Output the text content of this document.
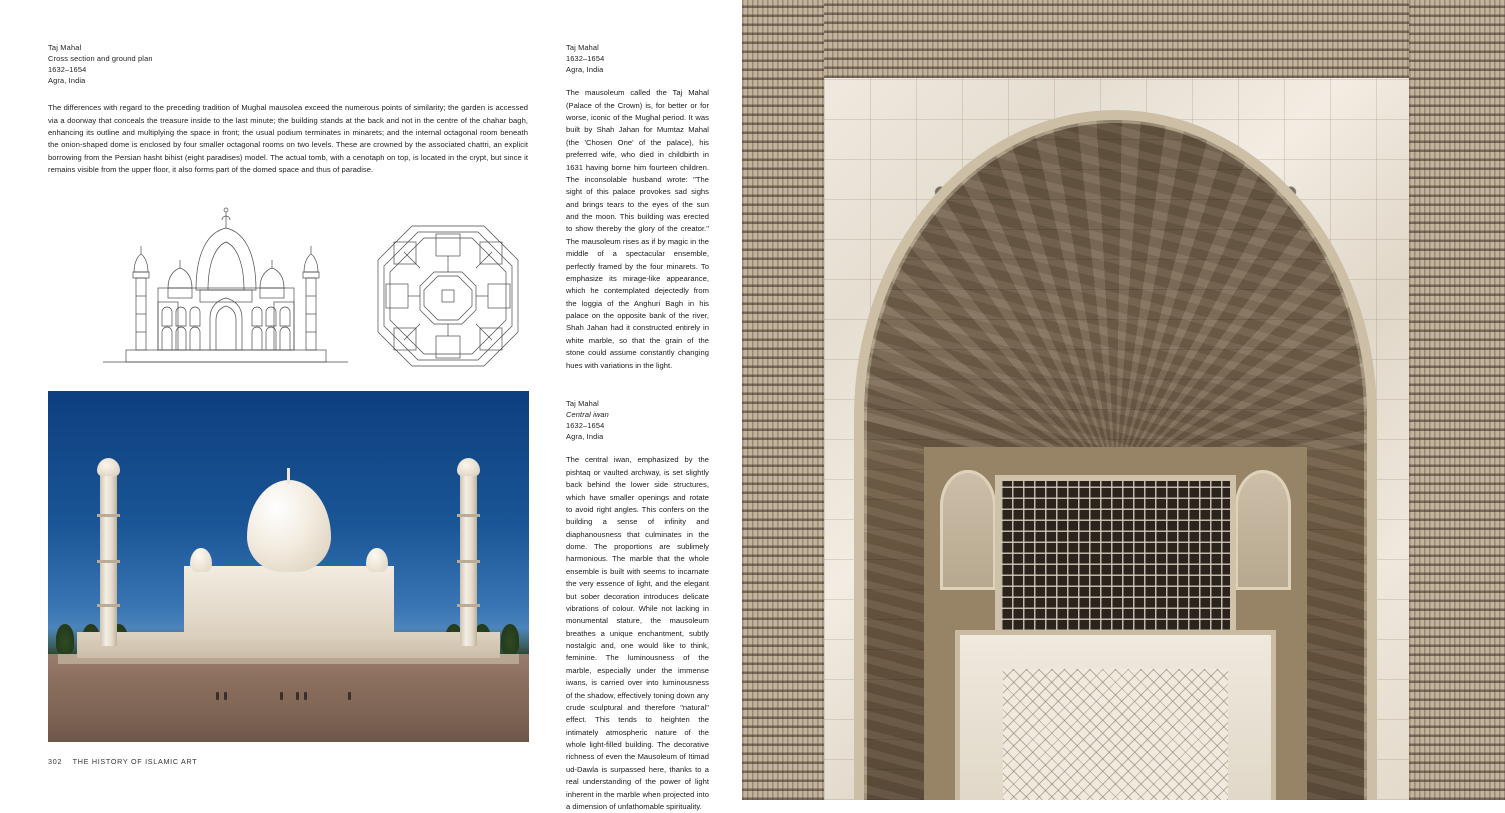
Taj Mahal
Cross section and ground plan
1632–1654
Agra, India
The differences with regard to the preceding tradition of Mughal mausolea exceed the numerous points of similarity; the garden is accessed via a doorway that conceals the treasure inside to the last minute; the building stands at the back and not in the centre of the chahar bagh, enhancing its outline and multiplying the space in front; the usual podium terminates in minarets; and the internal octagonal room beneath the onion-shaped dome is enclosed by four smaller octagonal rooms on two levels. These are crowned by the associated chattri, an explicit borrowing from the Persian hasht bihist (eight paradises) model. The actual tomb, with a cenotaph on top, is located in the crypt, but since it remains visible from the upper floor, it also forms part of the domed space and thus of paradise.
302 THE HISTORY OF ISLAMIC ART
Taj Mahal
1632–1654
Agra, India
The mausoleum called the Taj Mahal (Palace of the Crown) is, for better or for worse, iconic of the Mughal period. It was built by Shah Jahan for Mumtaz Mahal (the 'Chosen One' of the palace), his preferred wife, who died in childbirth in 1631 having borne him fourteen children. The inconsolable husband wrote: "The sight of this palace provokes sad sighs and brings tears to the eyes of the sun and the moon. This building was erected to show thereby the glory of the creator." The mausoleum rises as if by magic in the middle of a spectacular ensemble, perfectly framed by the four minarets. To emphasize its mirage-like appearance, which he contemplated dejectedly from the loggia of the Anghuri Bagh in his palace on the opposite bank of the river, Shah Jahan had it constructed entirely in white marble, so that the grain of the stone could assume constantly changing hues with variations in the light.
Taj Mahal
Central iwan
1632–1654
Agra, India
The central iwan, emphasized by the pishtaq or vaulted archway, is set slightly back behind the lower side structures, which have smaller openings and rotate to avoid right angles. This confers on the building a sense of infinity and diaphanousness that culminates in the dome. The proportions are sublimely harmonious. The marble that the whole ensemble is built with seems to incarnate the very essence of light, and the elegant but sober decoration introduces delicate vibrations of colour. While not lacking in monumental stature, the mausoleum breathes a unique enchantment, subtly nostalgic and, one would like to think, feminine. The luminousness of the marble, especially under the immense iwans, is carried over into luminousness of the shadow, effectively toning down any crude sculptural and therefore "natural" effect. This tends to heighten the intimately atmospheric nature of the whole light-filled building. The decorative richness of even the Mausoleum of Itimad ud-Dawla is surpassed here, thanks to a real understanding of the power of light inherent in the marble when projected into a dimension of unfathomable spirituality.
